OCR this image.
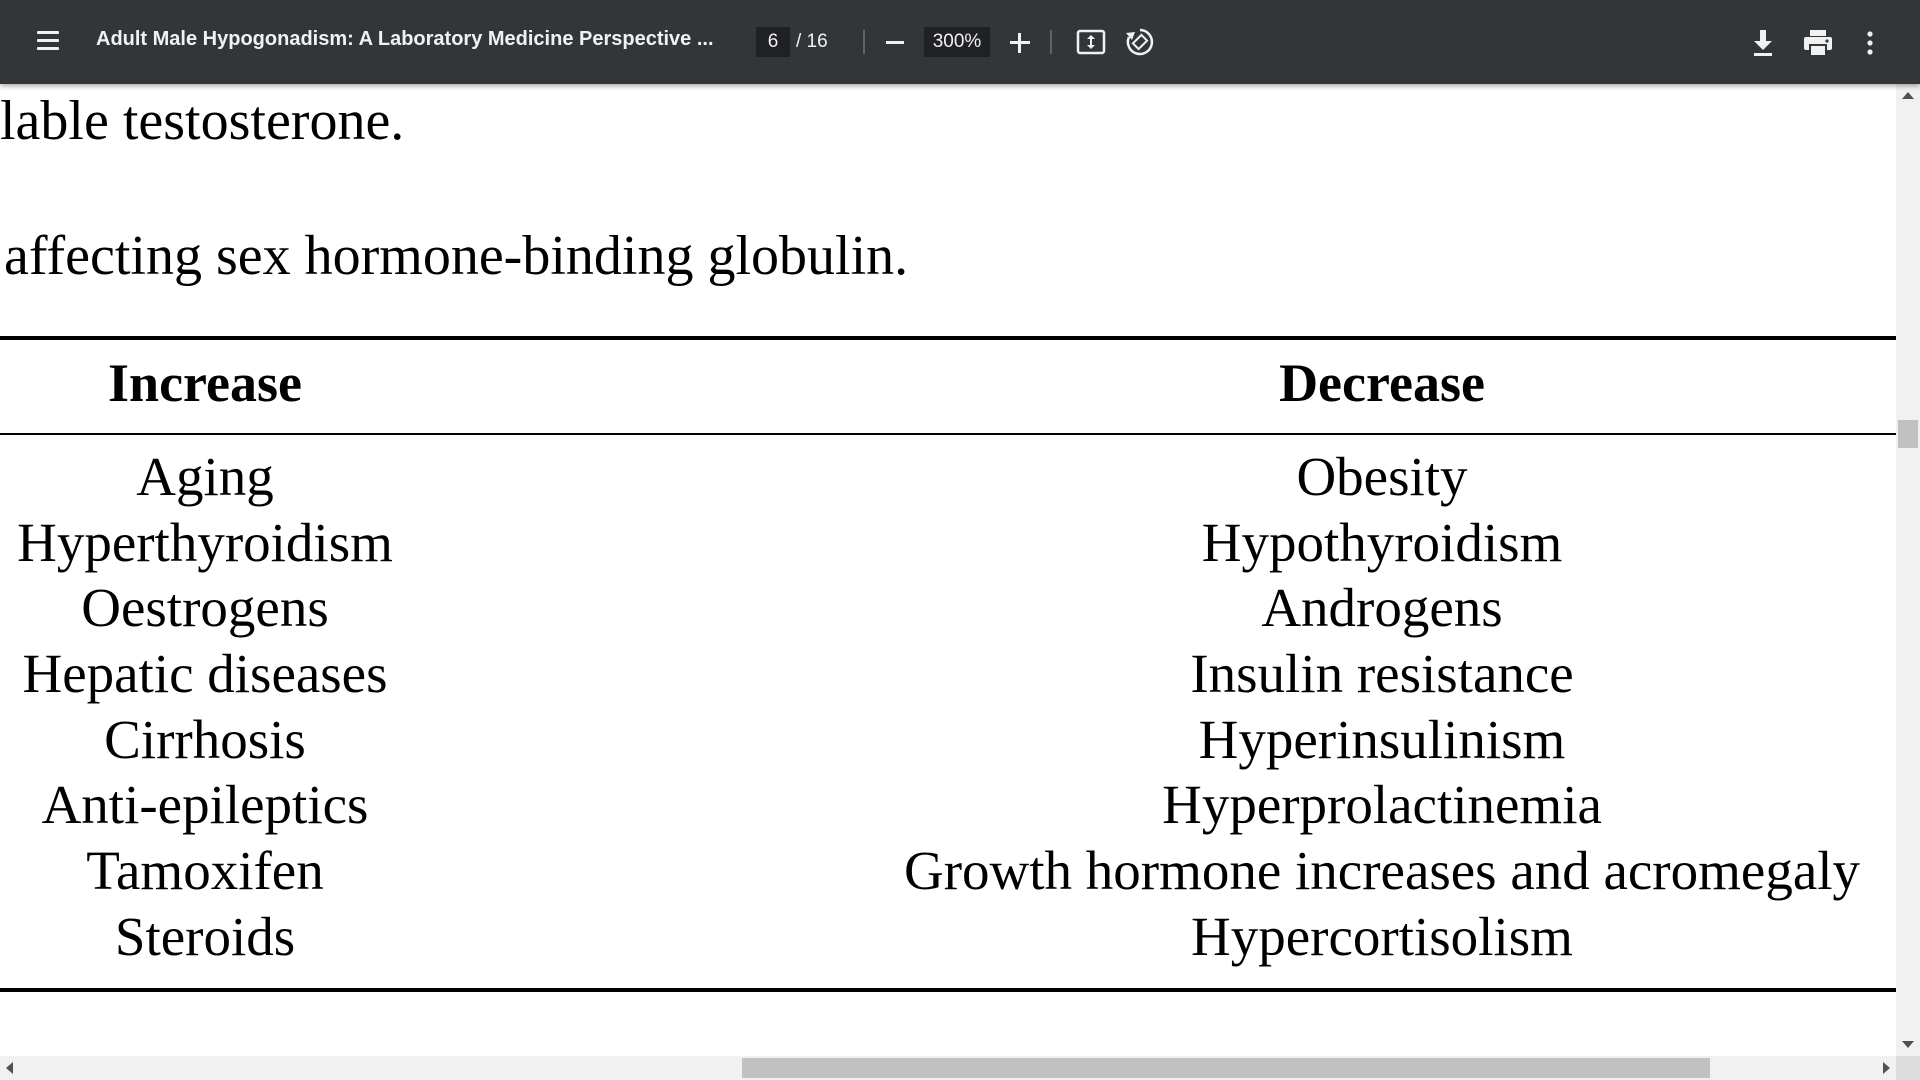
Adult Male Hypogonadism: A Laboratory Medicine Perspective ...
6	/ 16
300%
lable testosterone.
affecting sex hormone-binding globulin.
Increase	Decrease
Aging
Hyperthyroidism
Oestrogens
Hepatic diseases
Cirrhosis
Anti-epileptics
Tamoxifen
Steroids
Obesity
Hypothyroidism
Androgens
Insulin resistance
Hyperinsulinism
Hyperprolactinemia
Growth hormone increases and acromegaly
Hypercortisolism
